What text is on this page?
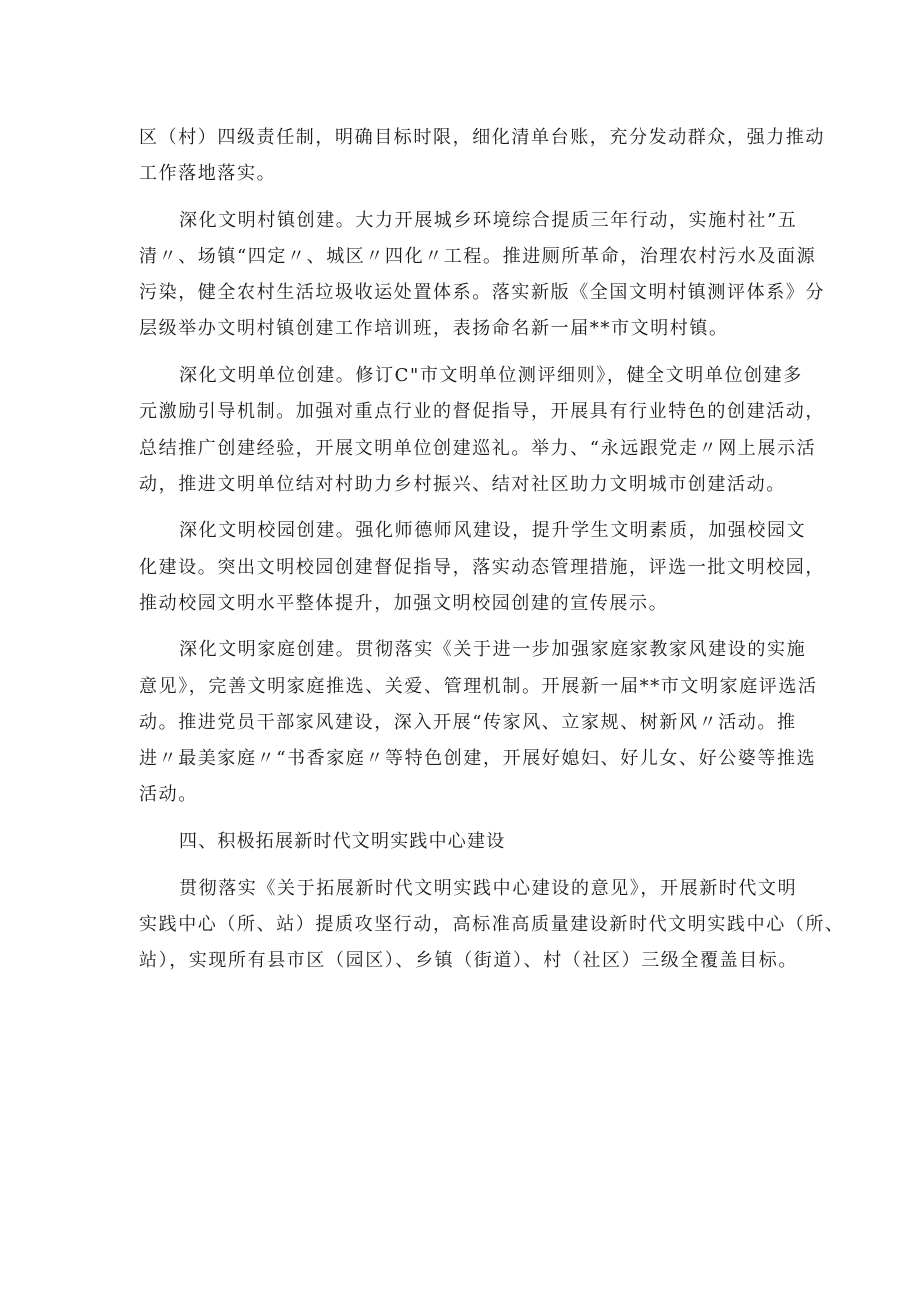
区（村）四级责任制，明确目标时限，细化清单台账，充分发动群众，强力推动
工作落地落实。

深化文明村镇创建。大力开展城乡环境综合提质三年行动，实施村社”五
清〃、场镇“四定〃、城区〃四化〃工程。推进厕所革命，治理农村污水及面源
污染，健全农村生活垃圾收运处置体系。落实新版《全国文明村镇测评体系》分
层级举办文明村镇创建工作培训班，表扬命名新一届**市文明村镇。

深化文明单位创建。修订C"市文明单位测评细则》，健全文明单位创建多
元激励引导机制。加强对重点行业的督促指导，开展具有行业特色的创建活动，
总结推广创建经验，开展文明单位创建巡礼。举力、“永远跟党走〃网上展示活
动，推进文明单位结对村助力乡村振兴、结对社区助力文明城市创建活动。

深化文明校园创建。强化师德师风建设，提升学生文明素质，加强校园文
化建设。突出文明校园创建督促指导，落实动态管理措施，评选一批文明校园，
推动校园文明水平整体提升，加强文明校园创建的宣传展示。

深化文明家庭创建。贯彻落实《关于进一步加强家庭家教家风建设的实施
意见》，完善文明家庭推选、关爱、管理机制。开展新一届**市文明家庭评选活
动。推进党员干部家风建设，深入开展“传家风、立家规、树新风〃活动。推
进〃最美家庭〃“书香家庭〃等特色创建，开展好媳妇、好儿女、好公婆等推选
活动。

四、积极拓展新时代文明实践中心建设

贯彻落实《关于拓展新时代文明实践中心建设的意见》，开展新时代文明
实践中心（所、站）提质攻坚行动，高标准高质量建设新时代文明实践中心（所、
站），实现所有县市区（园区）、乡镇（街道）、村（社区）三级全覆盖目标。
